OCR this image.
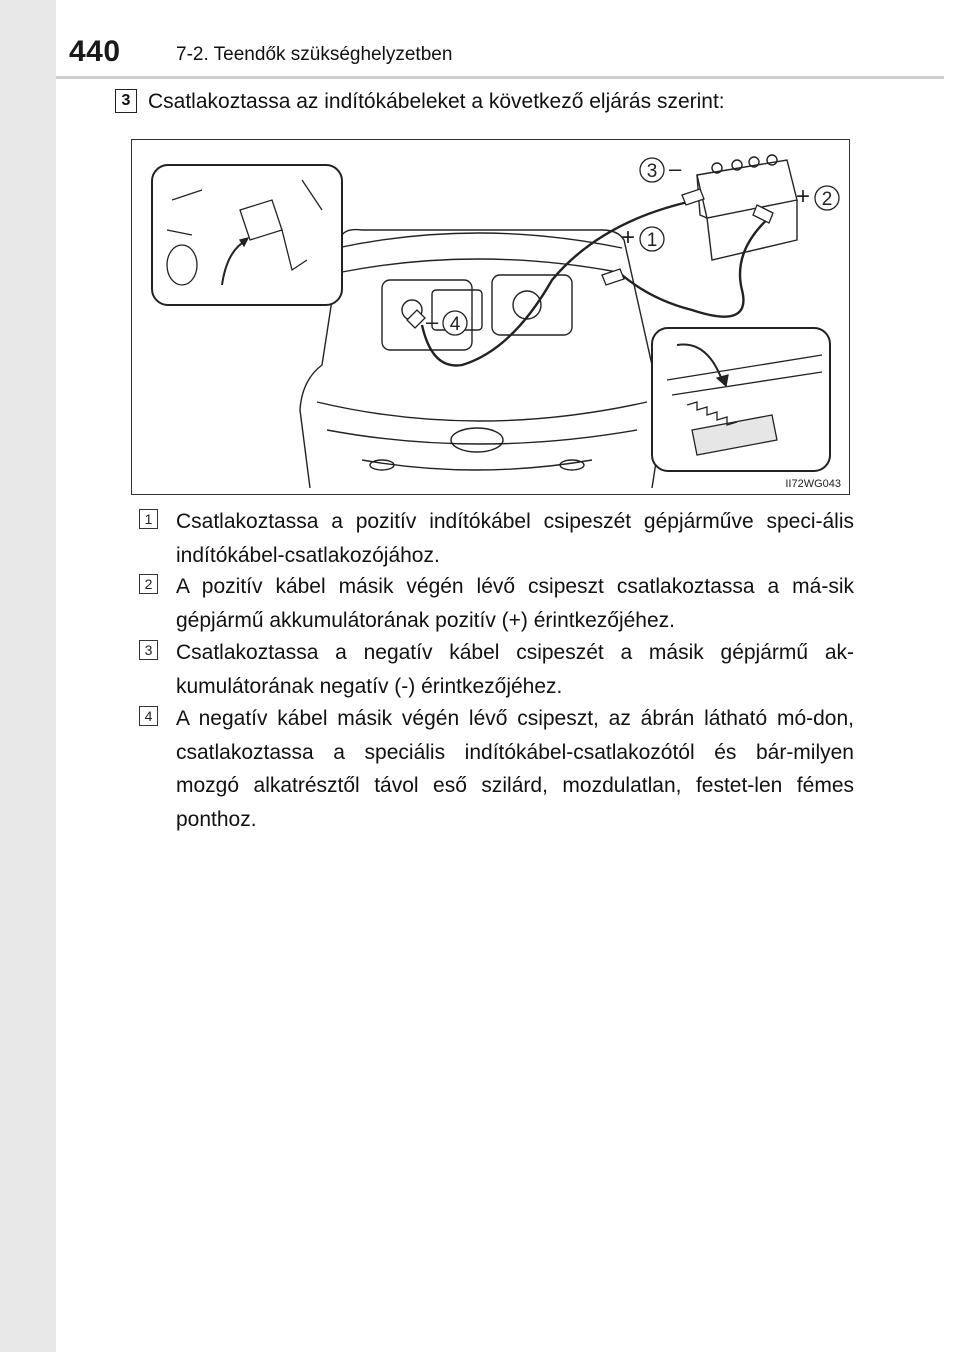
440	7-2. Teendők szükséghelyzetben
3 Csatlakoztassa az indítókábeleket a következő eljárás szerint:
3 –
2
+
1
+
4
–
II72WG043
1 Csatlakoztassa a pozitív indítókábel csipeszét gépjárműve speci-ális indítókábel-csatlakozójához.
2 A pozitív kábel másik végén lévő csipeszt csatlakoztassa a má-sik gépjármű akkumulátorának pozitív (+) érintkezőjéhez.
3 Csatlakoztassa a negatív kábel csipeszét a másik gépjármű ak-kumulátorának negatív (-) érintkezőjéhez.
4 A negatív kábel másik végén lévő csipeszt, az ábrán látható mó-don, csatlakoztassa a speciális indítókábel-csatlakozótól és bár-milyen mozgó alkatrésztől távol eső szilárd, mozdulatlan, festet-len fémes ponthoz.
